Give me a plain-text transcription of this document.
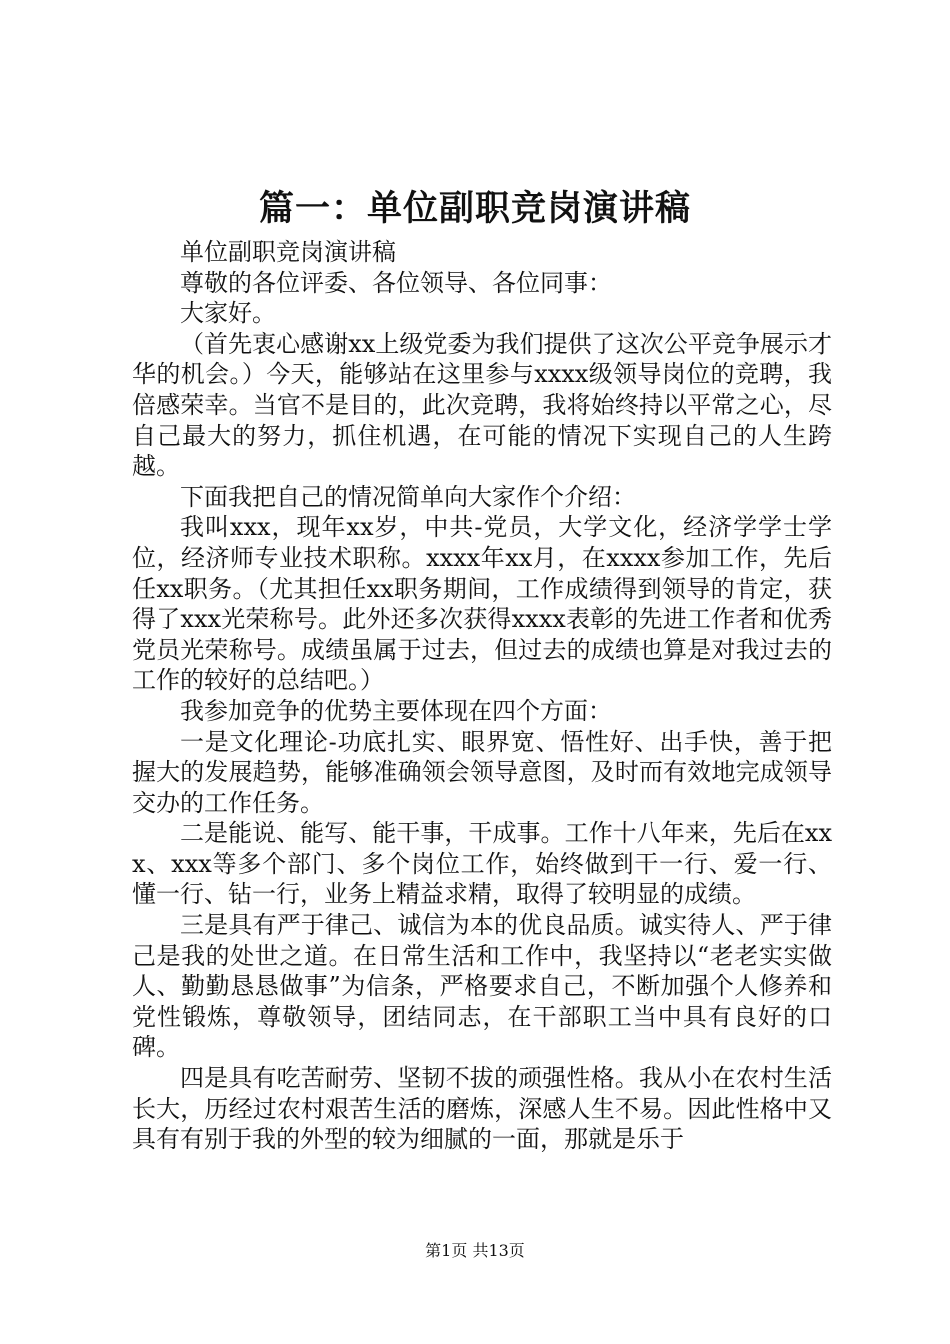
篇一：单位副职竞岗演讲稿

单位副职竞岗演讲稿

尊敬的各位评委、各位领导、各位同事：

大家好。

（首先衷心感谢xx上级党委为我们提供了这次公平竞争展示才华的机会。）今天，能够站在这里参与xxxx级领导岗位的竞聘，我倍感荣幸。当官不是目的，此次竞聘，我将始终持以平常之心，尽自己最大的努力，抓住机遇，在可能的情况下实现自己的人生跨越。

下面我把自己的情况简单向大家作个介绍：

我叫xxx，现年xx岁，中共-党员，大学文化，经济学学士学位，经济师专业技术职称。xxxx年xx月，在xxxx参加工作，先后任xx职务。（尤其担任xx职务期间，工作成绩得到领导的肯定，获得了xxx光荣称号。此外还多次获得xxxx表彰的先进工作者和优秀党员光荣称号。成绩虽属于过去，但过去的成绩也算是对我过去的工作的较好的总结吧。）

我参加竞争的优势主要体现在四个方面：

一是文化理论-功底扎实、眼界宽、悟性好、出手快，善于把握大的发展趋势，能够准确领会领导意图，及时而有效地完成领导交办的工作任务。

二是能说、能写、能干事，干成事。工作十八年来，先后在xxx、xxx等多个部门、多个岗位工作，始终做到干一行、爱一行、懂一行、钻一行，业务上精益求精，取得了较明显的成绩。

三是具有严于律己、诚信为本的优良品质。诚实待人、严于律己是我的处世之道。在日常生活和工作中，我坚持以“老老实实做人、勤勤恳恳做事”为信条，严格要求自己，不断加强个人修养和党性锻炼，尊敬领导，团结同志，在干部职工当中具有良好的口碑。

四是具有吃苦耐劳、坚韧不拔的顽强性格。我从小在农村生活长大，历经过农村艰苦生活的磨炼，深感人生不易。因此性格中又具有有别于我的外型的较为细腻的一面，那就是乐于

第1页 共13页
